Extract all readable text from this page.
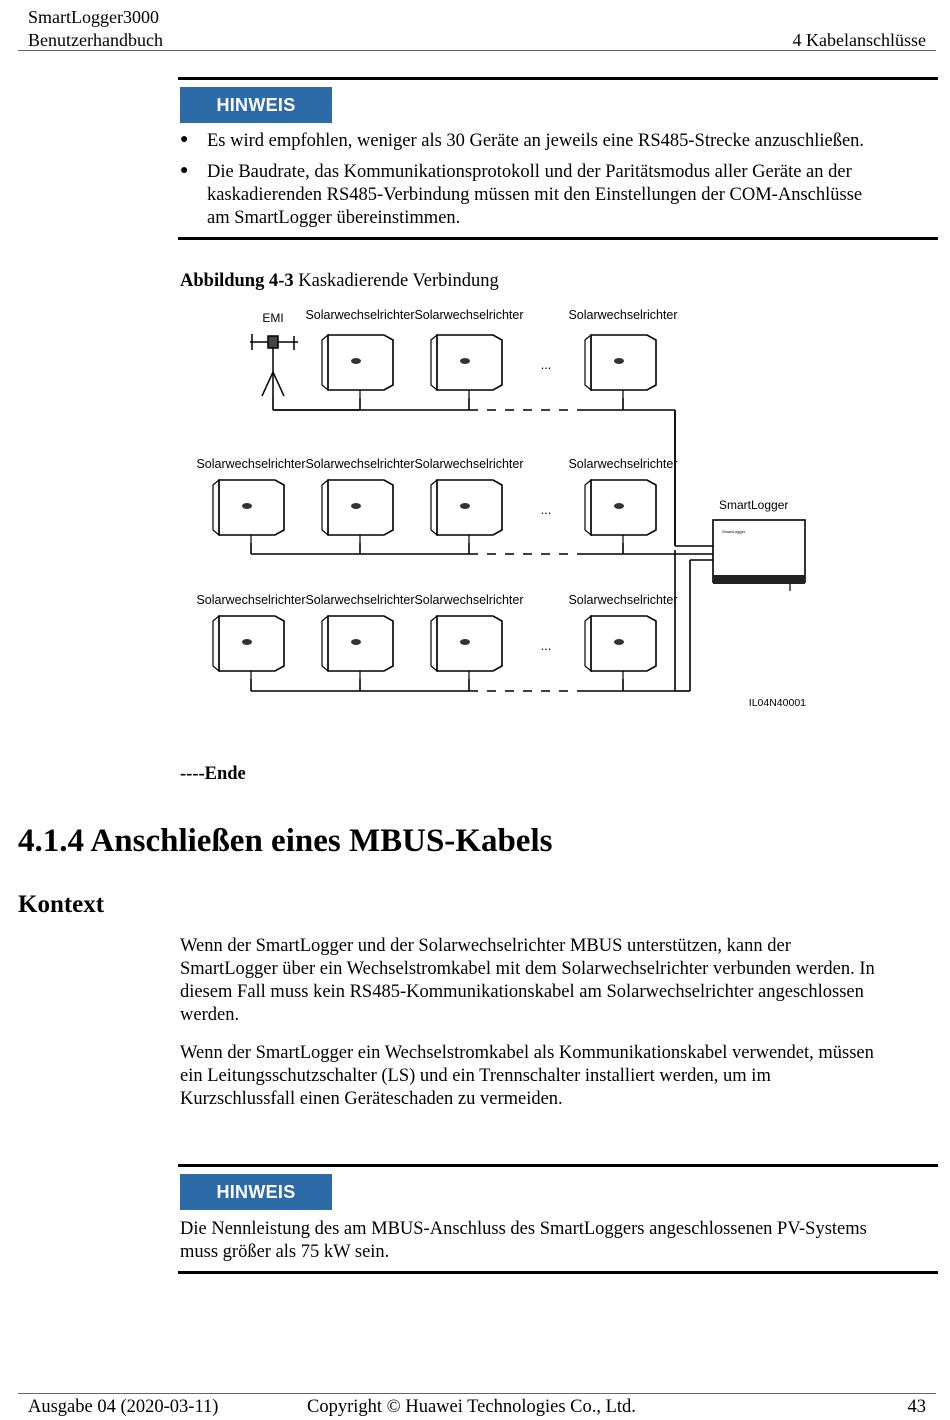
SmartLogger3000
Benutzerhandbuch	4 Kabelanschlüsse
HINWEIS
● Es wird empfohlen, weniger als 30 Geräte an jeweils eine RS485-Strecke anzuschließen.
● Die Baudrate, das Kommunikationsprotokoll und der Paritätsmodus aller Geräte an der
kaskadierenden RS485-Verbindung müssen mit den Einstellungen der COM-Anschlüsse
am SmartLogger übereinstimmen.
Abbildung 4-3 Kaskadierende Verbindung
EMI Solarwechselrichter Solarwechselrichter	Solarwechselrichter
...
Solarwechselrichter Solarwechselrichter Solarwechselrichter	Solarwechselrichter
...
Solarwechselrichter Solarwechselrichter Solarwechselrichter	Solarwechselrichter
...
SmartLogger
SmartLogger
IL04N40001
----Ende
4.1.4 Anschließen eines MBUS-Kabels
Kontext
Wenn der SmartLogger und der Solarwechselrichter MBUS unterstützen, kann der
SmartLogger über ein Wechselstromkabel mit dem Solarwechselrichter verbunden werden. In
diesem Fall muss kein RS485-Kommunikationskabel am Solarwechselrichter angeschlossen
werden.
Wenn der SmartLogger ein Wechselstromkabel als Kommunikationskabel verwendet, müssen
ein Leitungsschutzschalter (LS) und ein Trennschalter installiert werden, um im
Kurzschlussfall einen Geräteschaden zu vermeiden.
HINWEIS
Die Nennleistung des am MBUS-Anschluss des SmartLoggers angeschlossenen PV-Systems
muss größer als 75 kW sein.
Ausgabe 04 (2020-03-11)	Copyright © Huawei Technologies Co., Ltd.	43
